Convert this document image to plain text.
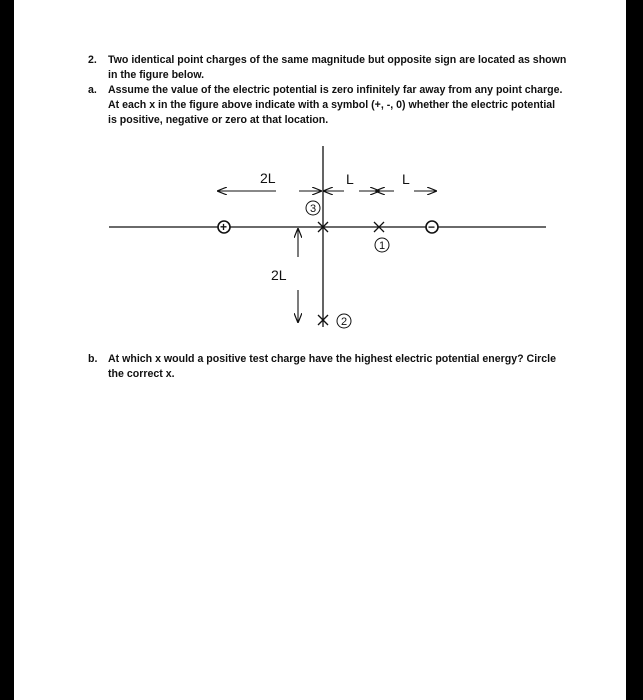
2. Two identical point charges of the same magnitude but opposite sign are located as shown
in the figure below.
a. Assume the value of the electric potential is zero infinitely far away from any point charge.
At each x in the figure above indicate with a symbol (+, -, 0) whether the electric potential
is positive, negative or zero at that location.
2L	L	L
2L
+	−
3
1
2
b. At which x would a positive test charge have the highest electric potential energy? Circle
the correct x.
